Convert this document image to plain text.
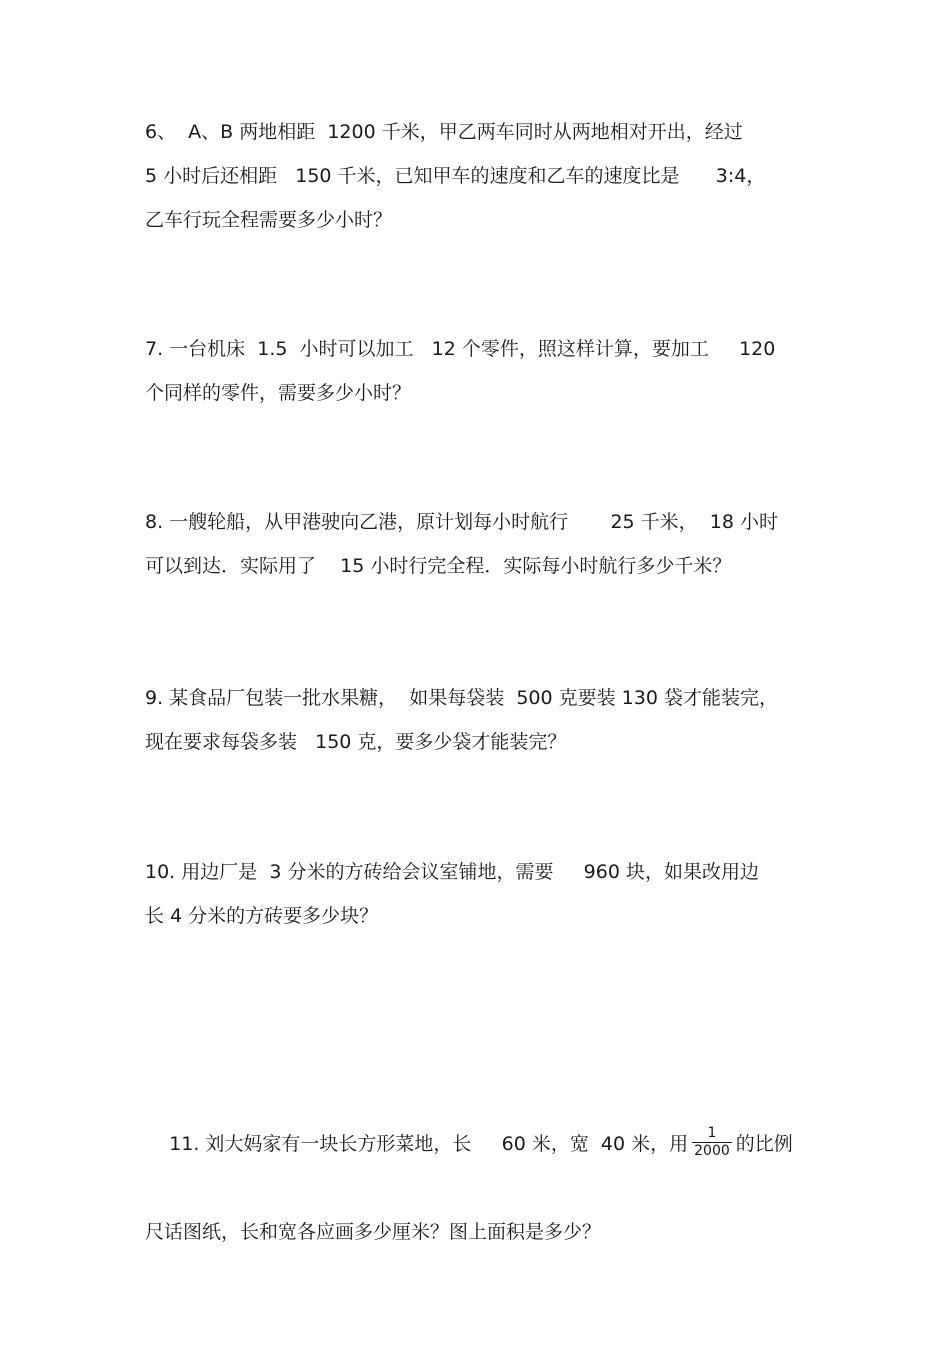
6、  A、B 两地相距  1200 千米，甲乙两车同时从两地相对开出，经过
5 小时后还相距   150 千米，已知甲车的速度和乙车的速度比是      3:4，
乙车行玩全程需要多少小时？
7. 一台机床  1.5  小时可以加工   12 个零件，照这样计算，要加工     120
个同样的零件，需要多少小时？
8. 一艘轮船，从甲港驶向乙港，原计划每小时航行       25 千米，  18 小时
可以到达．实际用了    15 小时行完全程．实际每小时航行多少千米？
9. 某食品厂包装一批水果糖，  如果每袋装  500 克要装 130 袋才能装完，
现在要求每袋多装   150 克，要多少袋才能装完？
10. 用边厂是  3 分米的方砖给会议室铺地，需要     960 块，如果改用边
长 4 分米的方砖要多少块？

11. 刘大妈家有一块长方形菜地，长     60 米，宽  40 米，用 $\frac{1}{2000}$ 的比例

尺话图纸，长和宽各应画多少厘米？图上面积是多少？
